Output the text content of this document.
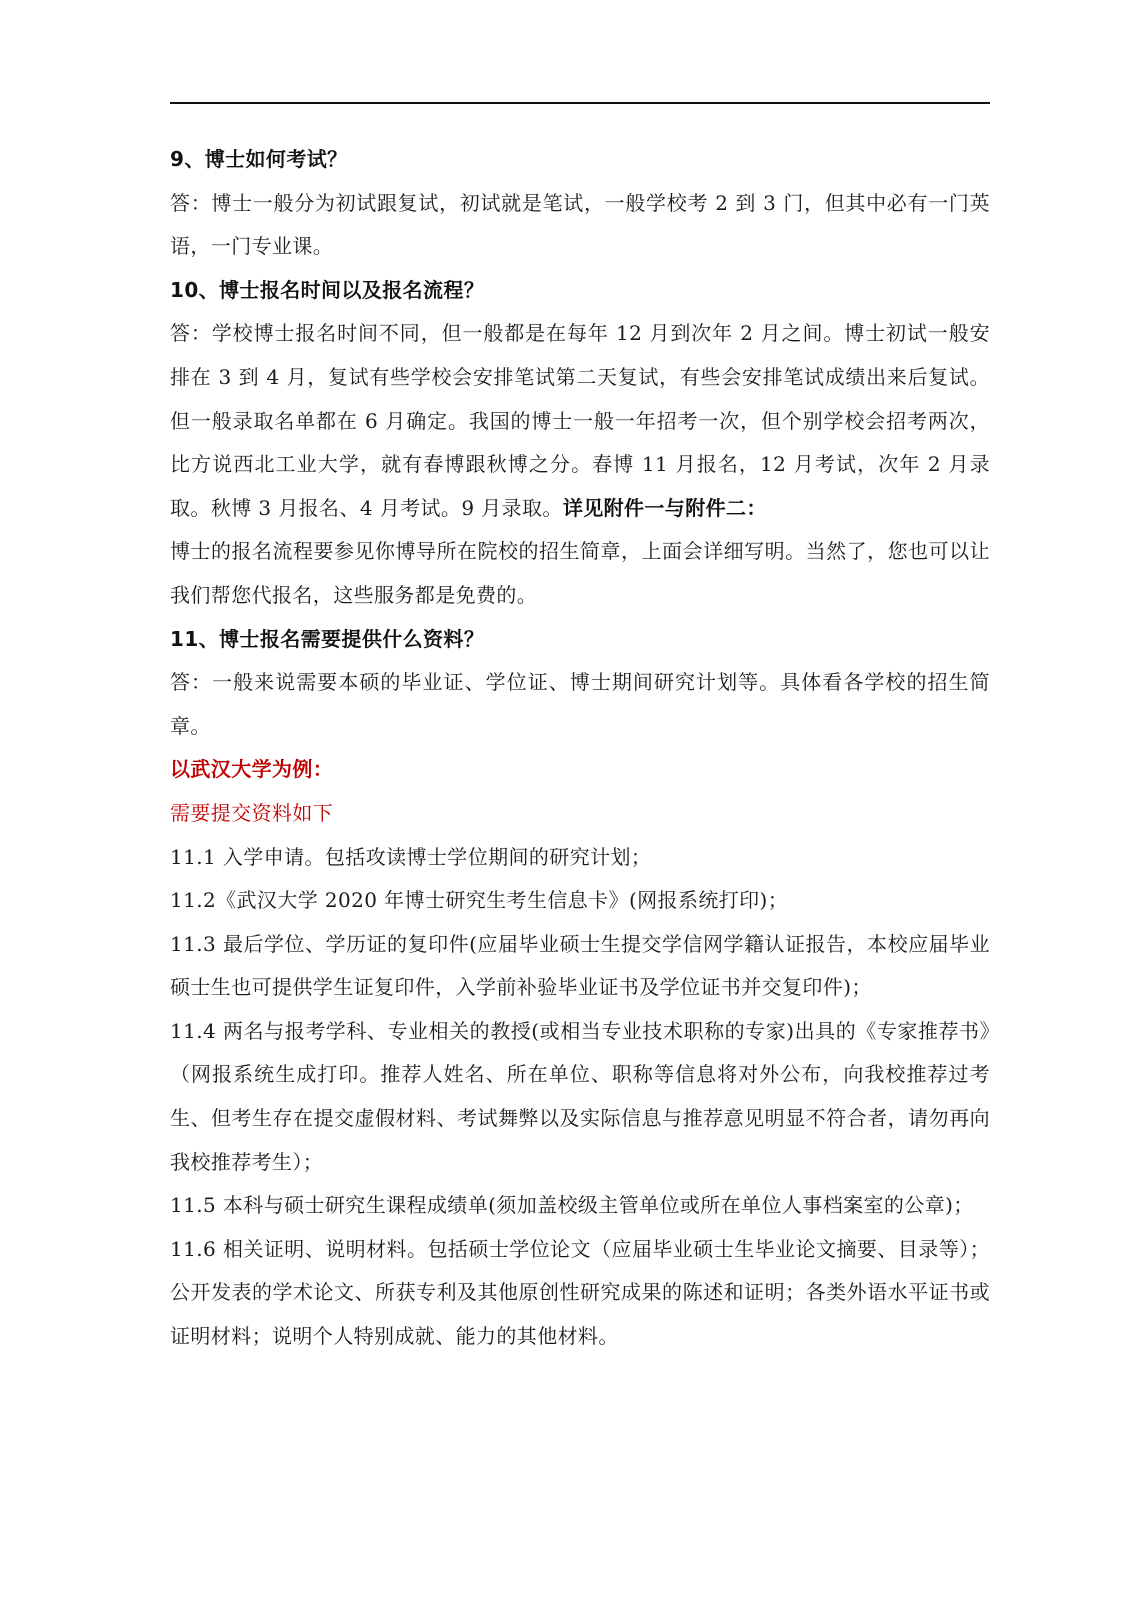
9、博士如何考试？

答：博士一般分为初试跟复试，初试就是笔试，一般学校考 2 到 3 门，但其中必有一门英语，一门专业课。

10、博士报名时间以及报名流程？

答：学校博士报名时间不同，但一般都是在每年 12 月到次年 2 月之间。博士初试一般安排在 3 到 4 月，复试有些学校会安排笔试第二天复试，有些会安排笔试成绩出来后复试。但一般录取名单都在 6 月确定。我国的博士一般一年招考一次，但个别学校会招考两次，比方说西北工业大学，就有春博跟秋博之分。春博 11 月报名，12 月考试，次年 2 月录取。秋博 3 月报名、4 月考试。9 月录取。详见附件一与附件二：

博士的报名流程要参见你博导所在院校的招生简章，上面会详细写明。当然了，您也可以让我们帮您代报名，这些服务都是免费的。

11、博士报名需要提供什么资料？

答：一般来说需要本硕的毕业证、学位证、博士期间研究计划等。具体看各学校的招生简章。

以武汉大学为例：

需要提交资料如下

11.1 入学申请。包括攻读博士学位期间的研究计划；

11.2《武汉大学 2020 年博士研究生考生信息卡》(网报系统打印)；

11.3 最后学位、学历证的复印件(应届毕业硕士生提交学信网学籍认证报告，本校应届毕业硕士生也可提供学生证复印件，入学前补验毕业证书及学位证书并交复印件)；

11.4 两名与报考学科、专业相关的教授(或相当专业技术职称的专家)出具的《专家推荐书》（网报系统生成打印。推荐人姓名、所在单位、职称等信息将对外公布，向我校推荐过考生、但考生存在提交虚假材料、考试舞弊以及实际信息与推荐意见明显不符合者，请勿再向我校推荐考生）；

11.5 本科与硕士研究生课程成绩单(须加盖校级主管单位或所在单位人事档案室的公章)；

11.6 相关证明、说明材料。包括硕士学位论文（应届毕业硕士生毕业论文摘要、目录等）；公开发表的学术论文、所获专利及其他原创性研究成果的陈述和证明；各类外语水平证书或证明材料；说明个人特别成就、能力的其他材料。
